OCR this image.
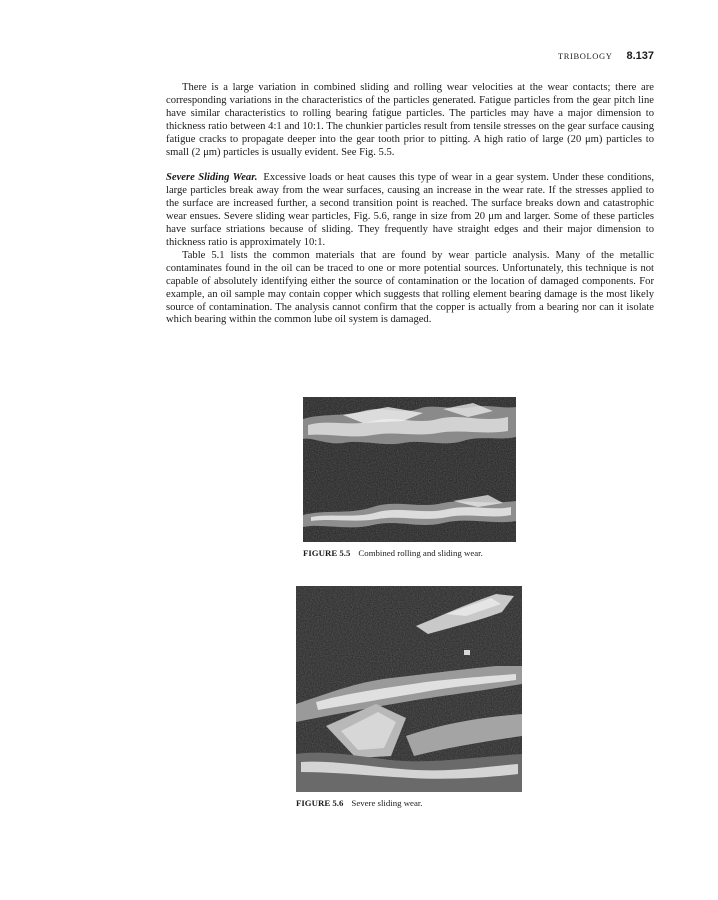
TRIBOLOGY 8.137

There is a large variation in combined sliding and rolling wear velocities at the wear contacts; there are corresponding variations in the characteristics of the particles generated. Fatigue particles from the gear pitch line have similar characteristics to rolling bearing fatigue particles. The particles may have a major dimension to thickness ratio between 4:1 and 10:1. The chunkier particles result from tensile stresses on the gear surface causing fatigue cracks to propagate deeper into the gear tooth prior to pitting. A high ratio of large (20 μm) particles to small (2 μm) particles is usually evident. See Fig. 5.5.

Severe Sliding Wear. Excessive loads or heat causes this type of wear in a gear system. Under these conditions, large particles break away from the wear surfaces, causing an increase in the wear rate. If the stresses applied to the surface are increased further, a second transition point is reached. The surface breaks down and catastrophic wear ensues. Severe sliding wear particles, Fig. 5.6, range in size from 20 μm and larger. Some of these particles have surface striations because of sliding. They frequently have straight edges and their major dimension to thickness ratio is approximately 10:1.

Table 5.1 lists the common materials that are found by wear particle analysis. Many of the metallic contaminates found in the oil can be traced to one or more potential sources. Unfortunately, this technique is not capable of absolutely identifying either the source of contamination or the location of damaged components. For example, an oil sample may contain copper which suggests that rolling element bearing damage is the most likely source of contamination. The analysis cannot confirm that the copper is actually from a bearing nor can it isolate which bearing within the common lube oil system is damaged.

FIGURE 5.5 Combined rolling and sliding wear.
FIGURE 5.6 Severe sliding wear.
